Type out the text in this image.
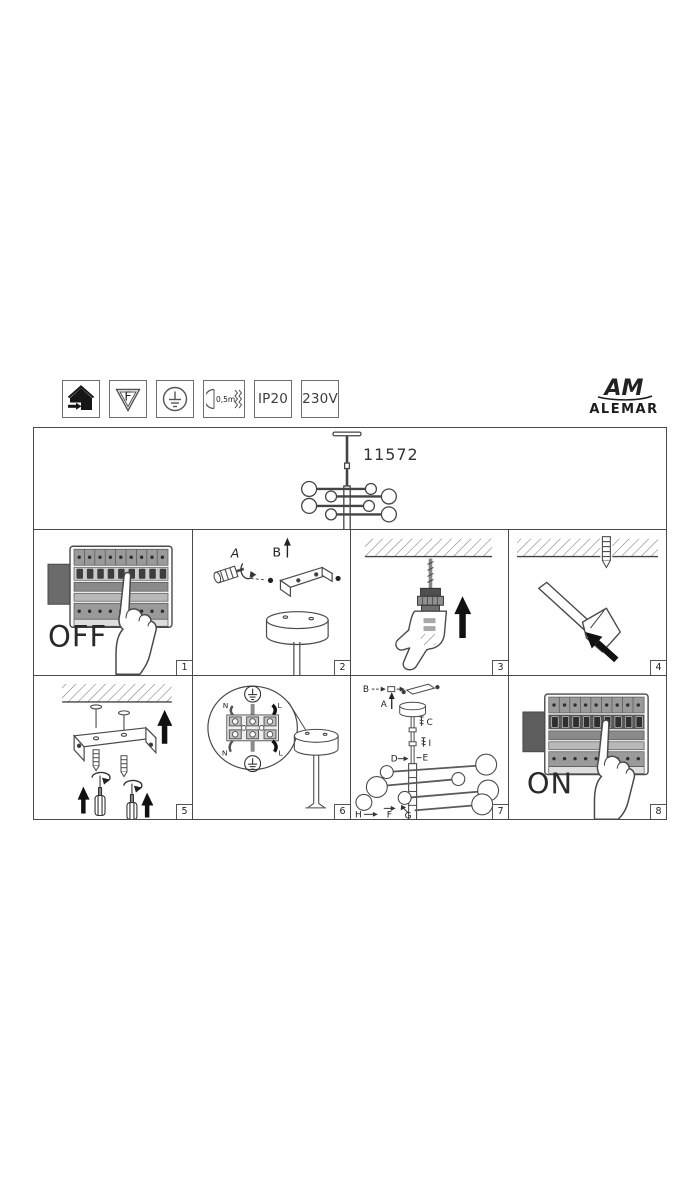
F	0,5m IP20 230V	AM
ALEMAR
11572
OFF
1
A	B
2	3	4
5
N	L
N	L
6
B
A
C
I
D	E
H	F G	7
ON
8
